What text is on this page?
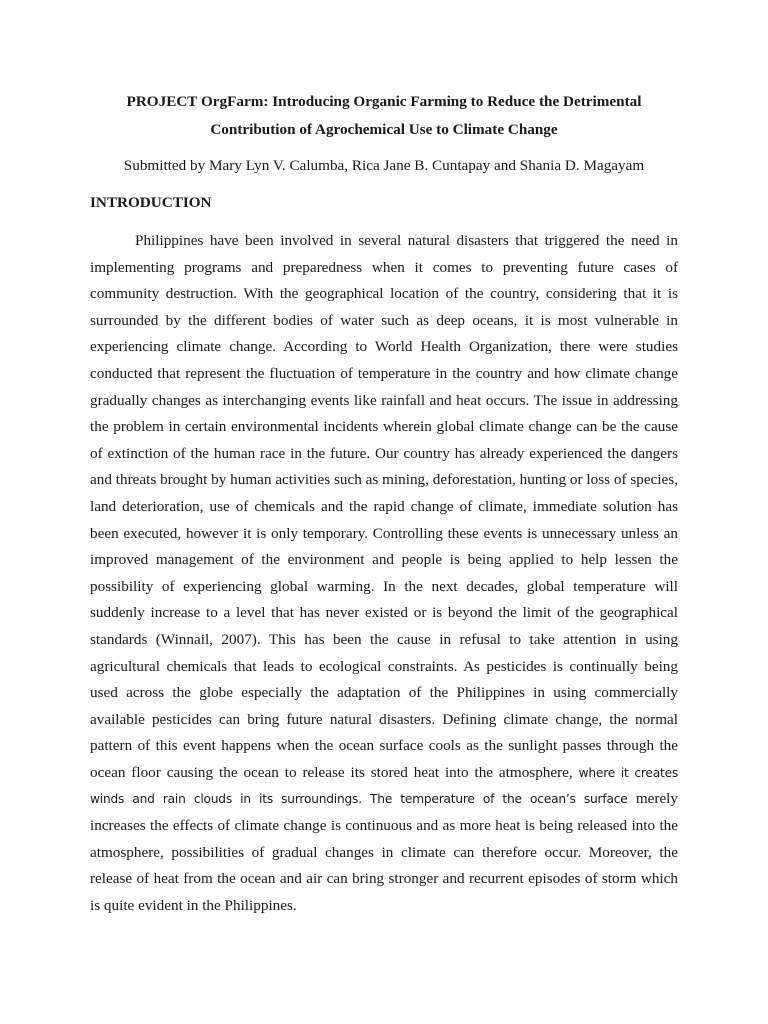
PROJECT OrgFarm: Introducing Organic Farming to Reduce the Detrimental
Contribution of Agrochemical Use to Climate Change

Submitted by Mary Lyn V. Calumba, Rica Jane B. Cuntapay and Shania D. Magayam

INTRODUCTION

Philippines have been involved in several natural disasters that triggered the need in implementing programs and preparedness when it comes to preventing future cases of community destruction. With the geographical location of the country, considering that it is surrounded by the different bodies of water such as deep oceans, it is most vulnerable in experiencing climate change. According to World Health Organization, there were studies conducted that represent the fluctuation of temperature in the country and how climate change gradually changes as interchanging events like rainfall and heat occurs. The issue in addressing the problem in certain environmental incidents wherein global climate change can be the cause of extinction of the human race in the future. Our country has already experienced the dangers and threats brought by human activities such as mining, deforestation, hunting or loss of species, land deterioration, use of chemicals and the rapid change of climate, immediate solution has been executed, however it is only temporary. Controlling these events is unnecessary unless an improved management of the environment and people is being applied to help lessen the possibility of experiencing global warming. In the next decades, global temperature will suddenly increase to a level that has never existed or is beyond the limit of the geographical standards (Winnail, 2007). This has been the cause in refusal to take attention in using agricultural chemicals that leads to ecological constraints. As pesticides is continually being used across the globe especially the adaptation of the Philippines in using commercially available pesticides can bring future natural disasters. Defining climate change, the normal pattern of this event happens when the ocean surface cools as the sunlight passes through the ocean floor causing the ocean to release its stored heat into the atmosphere, where it creates winds and rain clouds in its surroundings. The temperature of the ocean’s surface merely increases the effects of climate change is continuous and as more heat is being released into the atmosphere, possibilities of gradual changes in climate can therefore occur. Moreover, the release of heat from the ocean and air can bring stronger and recurrent episodes of storm which is quite evident in the Philippines.
